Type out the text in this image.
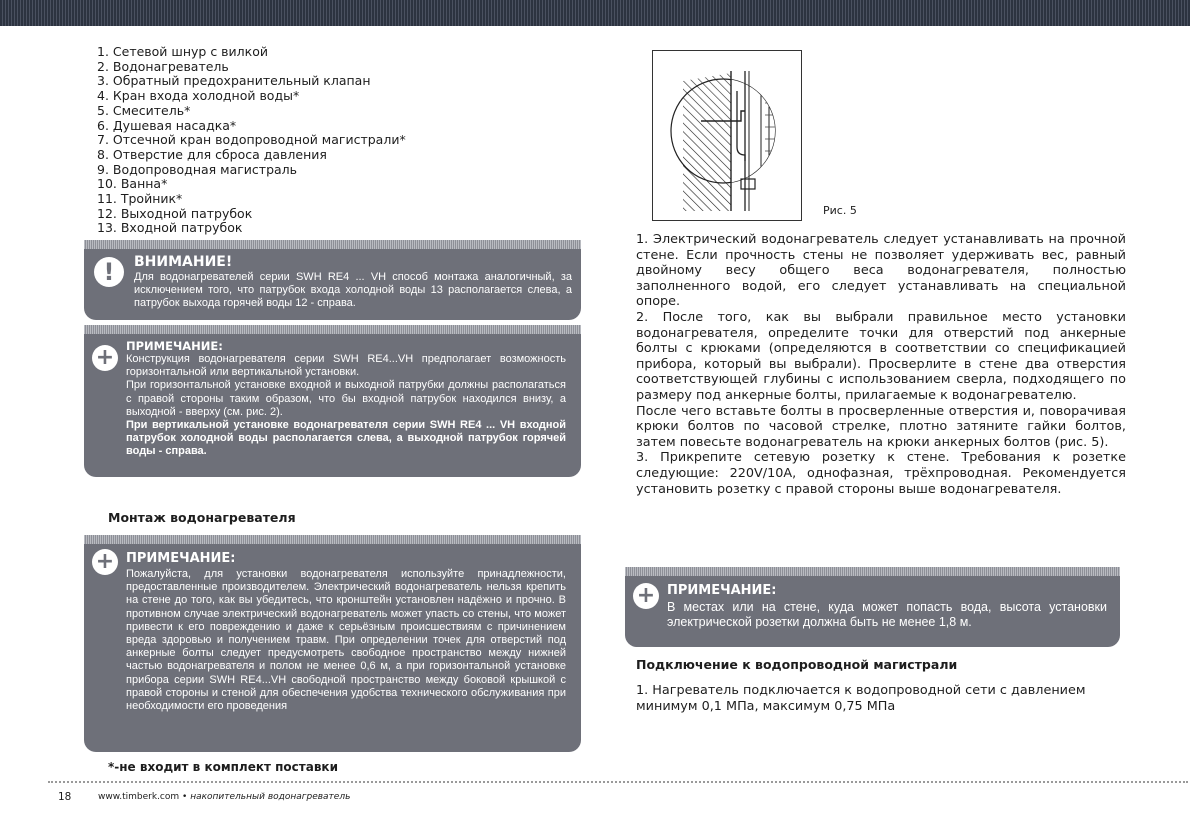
1. Сетевой шнур с вилкой
2. Водонагреватель
3. Обратный предохранительный клапан
4. Кран входа холодной воды*
5. Смеситель*
6. Душевая насадка*
7. Отсечной кран водопроводной магистрали*
8. Отверстие для сброса давления
9. Водопроводная магистраль
10. Ванна*
11. Тройник*
12. Выходной патрубок
13. Входной патрубок
!	ВНИМАНИЕ!
Для водонагревателей серии SWH RE4 ... VH способ монтажа аналогичный, за исключением того, что патрубок входа холодной воды 13 располагается слева, а патрубок выхода горячей воды 12 - справа.
+	ПРИМЕЧАНИЕ:

Конструкция водонагревателя серии SWH RE4...VH предполагает возможность горизонтальной или вертикальной установки.

При горизонтальной установке входной и выходной патрубки должны располагаться с правой стороны таким образом, что бы входной патрубок находился внизу, а выходной - вверху (см. рис. 2).

При вертикальной установке водонагревателя серии SWH RE4 ... VH входной патрубок холодной воды располагается слева, а выходной патрубок горячей воды - справа.

Монтаж водонагревателя
+ ПРИМЕЧАНИЕ:
Пожалуйста, для установки водонагревателя используйте принадлежности, предоставленные производителем. Электрический водонагреватель нельзя крепить на стене до того, как вы убедитесь, что кронштейн установлен надёжно и прочно. В противном случае электрический водонагреватель может упасть со стены, что может привести к его повреждению и даже к серьёзным происшествиям с причинением вреда здоровью и получением травм. При определении точек для отверстий под анкерные болты следует предусмотреть свободное пространство между нижней частью водонагревателя и полом не менее 0,6 м, а при горизонтальной установке прибора серии SWH RE4...VH свободной пространство между боковой крышкой с правой стороны и стеной для обеспечения удобства технического обслуживания при необходимости его проведения
*-не входит в комплект поставки
Рис. 5

1. Электрический водонагреватель следует устанавливать на прочной стене. Если прочность стены не позволяет удерживать вес, равный двойному весу общего веса водонагревателя, полностью заполненного водой, его следует устанавливать на специальной опоре.

2. После того, как вы выбрали правильное место установки водонагревателя, определите точки для отверстий под анкерные болты с крюками (определяются в соответствии со спецификацией прибора, который вы выбрали). Просверлите в стене два отверстия соответствующей глубины с использованием сверла, подходящего по размеру под анкерные болты, прилагаемые к водонагревателю.

После чего вставьте болты в просверленные отверстия и, поворачивая крюки болтов по часовой стрелке, плотно затяните гайки болтов, затем повесьте водонагреватель на крюки анкерных болтов (рис. 5).

3. Прикрепите сетевую розетку к стене. Требования к розетке следующие: 220V/10A, однофазная, трёхпроводная. Рекомендуется установить розетку с правой стороны выше водонагревателя.

+ ПРИМЕЧАНИЕ:
В местах или на стене, куда может попасть вода, высота установки электрической розетки должна быть не менее 1,8 м.
Подключение к водопроводной магистрали
1. Нагреватель подключается к водопроводной сети с давлением минимум 0,1 МПа, максимум 0,75 МПа
18	www.timberk.com • накопительный водонагреватель
